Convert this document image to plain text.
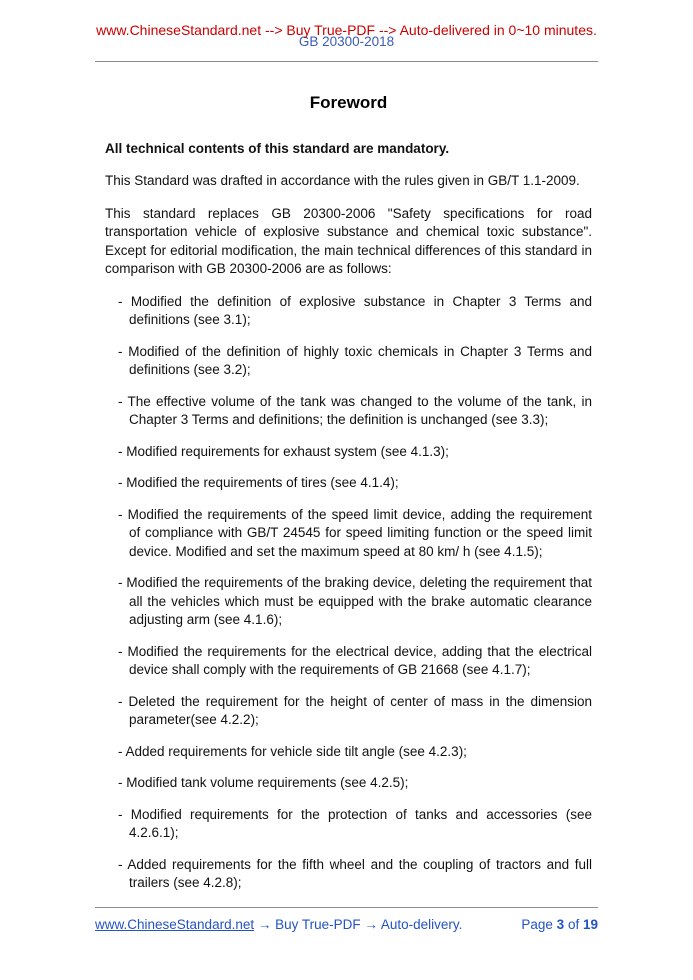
www.ChineseStandard.net --> Buy True-PDF --> Auto-delivered in 0~10 minutes.
GB 20300-2018
Foreword

All technical contents of this standard are mandatory.

This Standard was drafted in accordance with the rules given in GB/T 1.1-2009.

This standard replaces GB 20300-2006 "Safety specifications for road transportation vehicle of explosive substance and chemical toxic substance". Except for editorial modification, the main technical differences of this standard in comparison with GB 20300-2006 are as follows:

- Modified the definition of explosive substance in Chapter 3 Terms and definitions (see 3.1);

- Modified of the definition of highly toxic chemicals in Chapter 3 Terms and definitions (see 3.2);

- The effective volume of the tank was changed to the volume of the tank, in Chapter 3 Terms and definitions; the definition is unchanged (see 3.3);

- Modified requirements for exhaust system (see 4.1.3);

- Modified the requirements of tires (see 4.1.4);

- Modified the requirements of the speed limit device, adding the requirement of compliance with GB/T 24545 for speed limiting function or the speed limit device. Modified and set the maximum speed at 80 km/ h (see 4.1.5);

- Modified the requirements of the braking device, deleting the requirement that all the vehicles which must be equipped with the brake automatic clearance adjusting arm (see 4.1.6);

- Modified the requirements for the electrical device, adding that the electrical device shall comply with the requirements of GB 21668 (see 4.1.7);

- Deleted the requirement for the height of center of mass in the dimension parameter(see 4.2.2);

- Added requirements for vehicle side tilt angle (see 4.2.3);

- Modified tank volume requirements (see 4.2.5);

- Modified requirements for the protection of tanks and accessories (see 4.2.6.1);

- Added requirements for the fifth wheel and the coupling of tractors and full trailers (see 4.2.8);

www.ChineseStandard.net → Buy True-PDF → Auto-delivery.	Page 3 of 19
